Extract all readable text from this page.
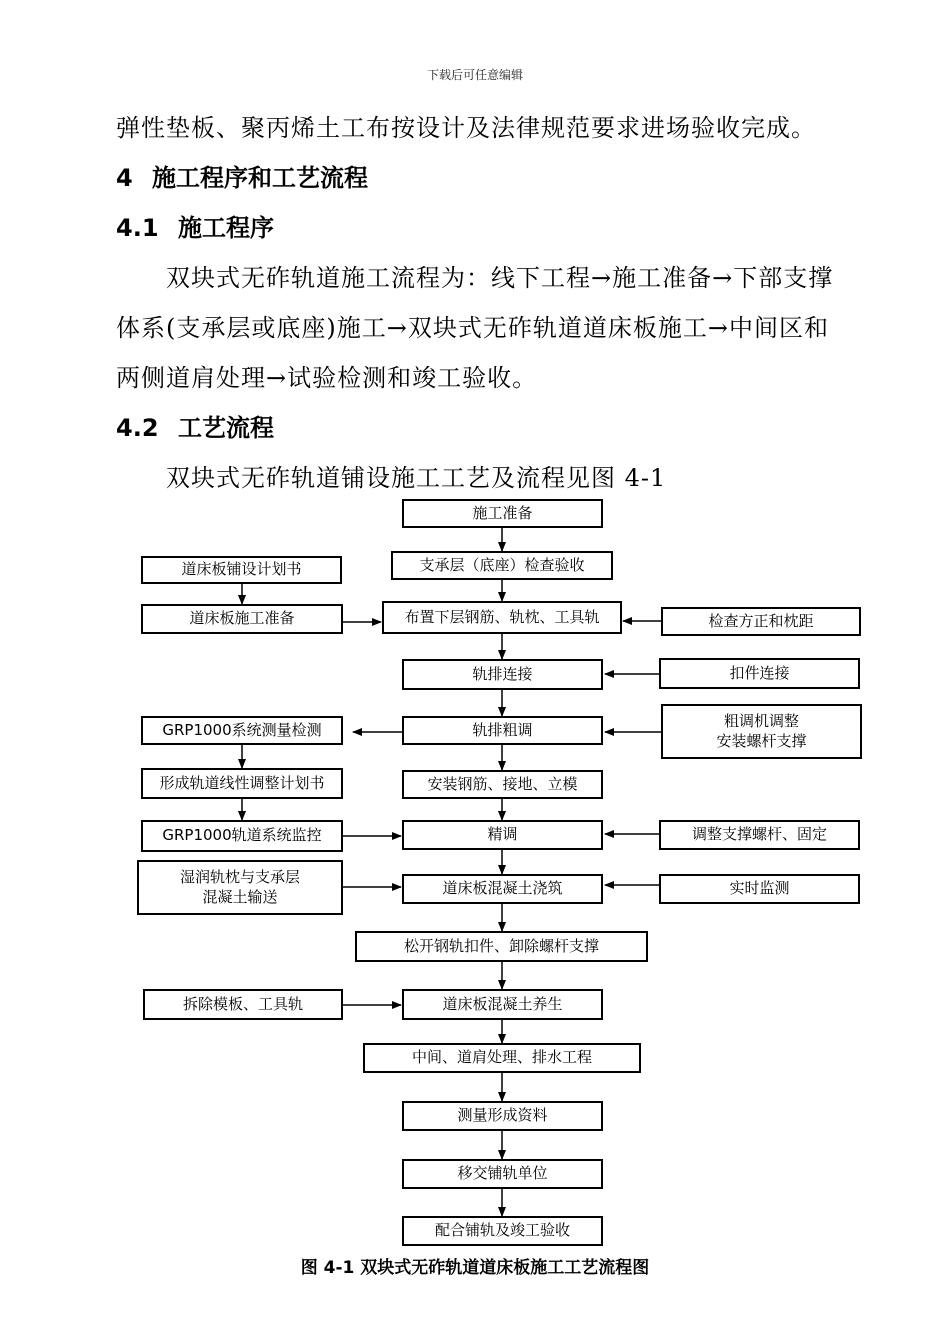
下载后可任意编辑
弹性垫板、聚丙烯土工布按设计及法律规范要求进场验收完成。
4 施工程序和工艺流程
4.1 施工程序
双块式无砟轨道施工流程为：线下工程→施工准备→下部支撑
体系(支承层或底座)施工→双块式无砟轨道道床板施工→中间区和
两侧道肩处理→试验检测和竣工验收。
4.2 工艺流程
双块式无砟轨道铺设施工工艺及流程见图 4-1
施工准备
支承层（底座）检查验收
布置下层钢筋、轨枕、工具轨
轨排连接
轨排粗调
安装钢筋、接地、立模
精调
道床板混凝土浇筑
松开钢轨扣件、卸除螺杆支撑
道床板混凝土养生
中间、道肩处理、排水工程
测量形成资料
移交铺轨单位
配合铺轨及竣工验收
道床板铺设计划书
道床板施工准备
GRP1000系统测量检测
形成轨道线性调整计划书
GRP1000轨道系统监控
湿润轨枕与支承层
混凝土输送
拆除模板、工具轨
检查方正和枕距
扣件连接
粗调机调整
安装螺杆支撑
调整支撑螺杆、固定
实时监测
图 4-1 双块式无砟轨道道床板施工工艺流程图
